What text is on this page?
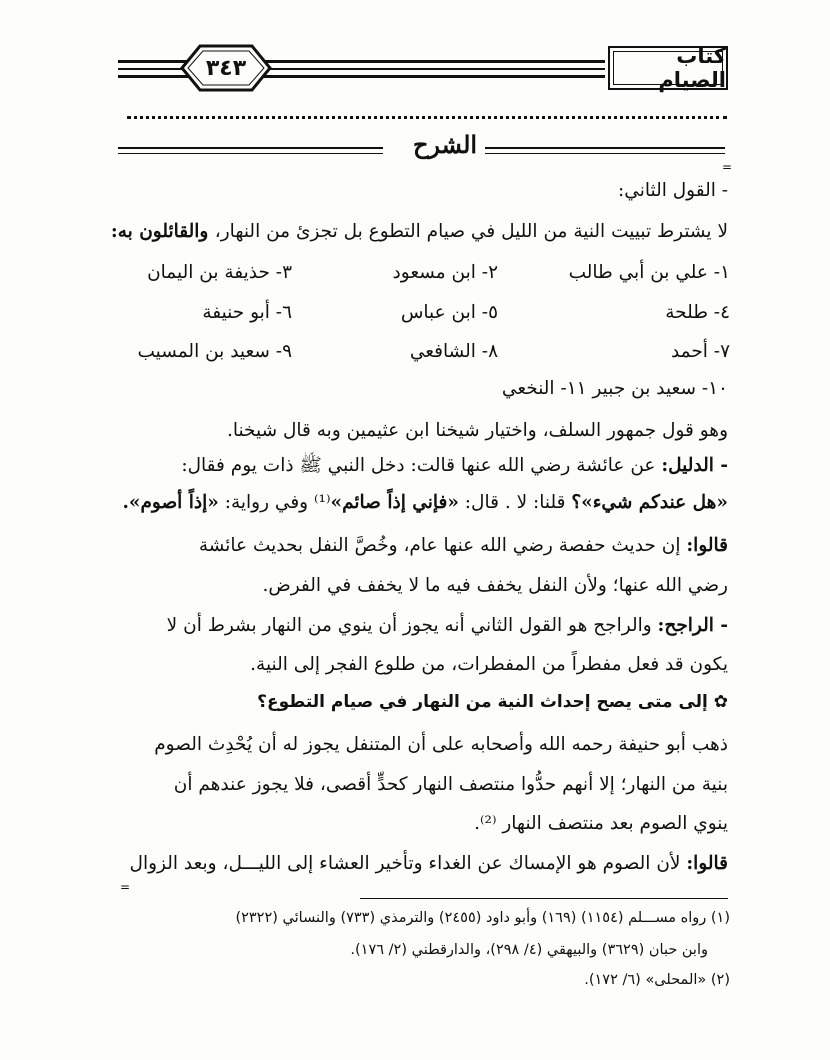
٣٤٣	كتاب الصيام
الشرح
=
- القول الثاني:
لا يشترط تبييت النية من الليل في صيام التطوع بل تجزئ من النهار، والقائلون به:
١- علي بن أبي طالب
٢- ابن مسعود
٣- حذيفة بن اليمان
٤- طلحة
٥- ابن عباس
٦- أبو حنيفة
٧- أحمد
٨- الشافعي
٩- سعيد بن المسيب
١٠- سعيد بن جبير ١١- النخعي
وهو قول جمهور السلف، واختيار شيخنا ابن عثيمين وبه قال شيخنا.
- الدليل: عن عائشة رضي الله عنها قالت: دخل النبي ﷺ ذات يوم فقال:
«هل عندكم شيء»؟ قلنا: لا . قال: «فإني إذاً صائم»⁽¹⁾ وفي رواية: «إذاً أصوم».
قالوا: إن حديث حفصة رضي الله عنها عام، وخُصَّ النفل بحديث عائشة
رضي الله عنها؛ ولأن النفل يخفف فيه ما لا يخفف في الفرض.
- الراجح: والراجح هو القول الثاني أنه يجوز أن ينوي من النهار بشرط أن لا
يكون قد فعل مفطراً من المفطرات، من طلوع الفجر إلى النية.
✿ إلى متى يصح إحداث النية من النهار في صيام التطوع؟
ذهب أبو حنيفة رحمه الله وأصحابه على أن المتنفل يجوز له أن يُحْدِث الصوم
بنية من النهار؛ إلا أنهم حدُّوا منتصف النهار كحدٍّ أقصى، فلا يجوز عندهم أن
ينوي الصوم بعد منتصف النهار ⁽²⁾.
قالوا: لأن الصوم هو الإمساك عن الغداء وتأخير العشاء إلى الليـــل، وبعد الزوال
=
(١) رواه مســـلم (١١٥٤) (١٦٩) وأبو داود (٢٤٥٥) والترمذي (٧٣٣) والنسائي (٢٣٢٢)
وابن حبان (٣٦٢٩) والبيهقي (٤/ ٢٩٨)، والدارقطني (٢/ ١٧٦).
(٢) «المحلى» (٦/ ١٧٢).
